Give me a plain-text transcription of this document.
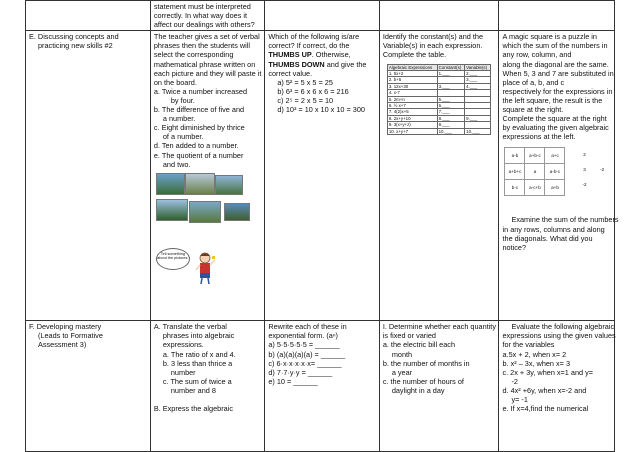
statement must be interpreted
correctly. In what way does it
affect our dealings with others?

E. Discussing concepts and
practicing new skills #2

The teacher gives a set of verbal
phrases then the students will
select the corresponding
mathematical phrase written on
each picture and they will paste it
on the board.
a. Twice a number increased
by four.
b. The difference of five and
a number.
c. Eight diminished by thrice
of a number.
d. Ten added to a number.
e. The quotient of a number
and two.
Tell something about the pictures.

Which of the following is/are
correct? If correct, do the
THUMBS UP. Otherwise,
THUMBS DOWN and give the
correct value.
a) 5² = 5 x 5 = 25
b) 6³ = 6 x 6 x 6 = 216
c) 2⁵ = 2 x 5 = 10
d) 10³ = 10 x 10 x 10 = 300

Identify the constant(s) and the
Variable(s) in each expression.
Complete the table.
Algebraic Expressions	Constant(s)	Variable(s)
1. 5x+2	1.___	2.___
2. b+5		3.___
3. 12x+30	3.___	4.___
4. x-7		
5. 2m+n	5.___	
6. ½ x+7	6.___	
7. 4(2)x+5	7.___	
8. 2x+y+10	8.___	9.___
9. 3(x+y+z)	9.___	
10. x+y+7	10.___	10.___

A magic square is a puzzle in
which the sum of the numbers in
any row, column, and
along the diagonal are the same.
When 5, 3 and 7 are substituted in
place of a, b, and c
respectively for the expressions in
the left square, the result is the
square at the right.
Complete the square at the right
by evaluating the given algebraic
expressions at the left.
a-b	a+b-c	a+c
a+b+c	a	a-b-c
b-c	a-c+b	a+b
	2	
	3	-2
	-2	
Examine the sum of the numbers
in any rows, columns and along
the diagonals. What did you
notice?

F. Developing mastery
(Leads to Formative
Assessment 3)

A. Translate the verbal
phrases into algebraic
expressions.
a. The ratio of x and 4.
b. 3 less than thrice a
number
c. The sum of twice a
number and 8
B. Express the algebraic

Rewrite each of these in
exponential form. (aⁿ)
a) 5·5·5·5·5 = ______
b) (a)(a)(a)(a) = ______
c) 6·x·x·x·x·x= ______
d) 7·7·y·y = ______
e) 10 = ______

I. Determine whether each quantity
is fixed or varied
a. the electric bill each
month
b. the number of months in
a year
c. the number of hours of
daylight in a day

Evaluate the following algebraic
expressions using the given values
for the variables
a.5x + 2, when x= 2
b. x² – 3x, when x= 3
c. 2x + 3y, when x=1 and y=
-2
d. 4x² +6y, when x=-2 and
y= -1
e. If x=4,find the numerical
